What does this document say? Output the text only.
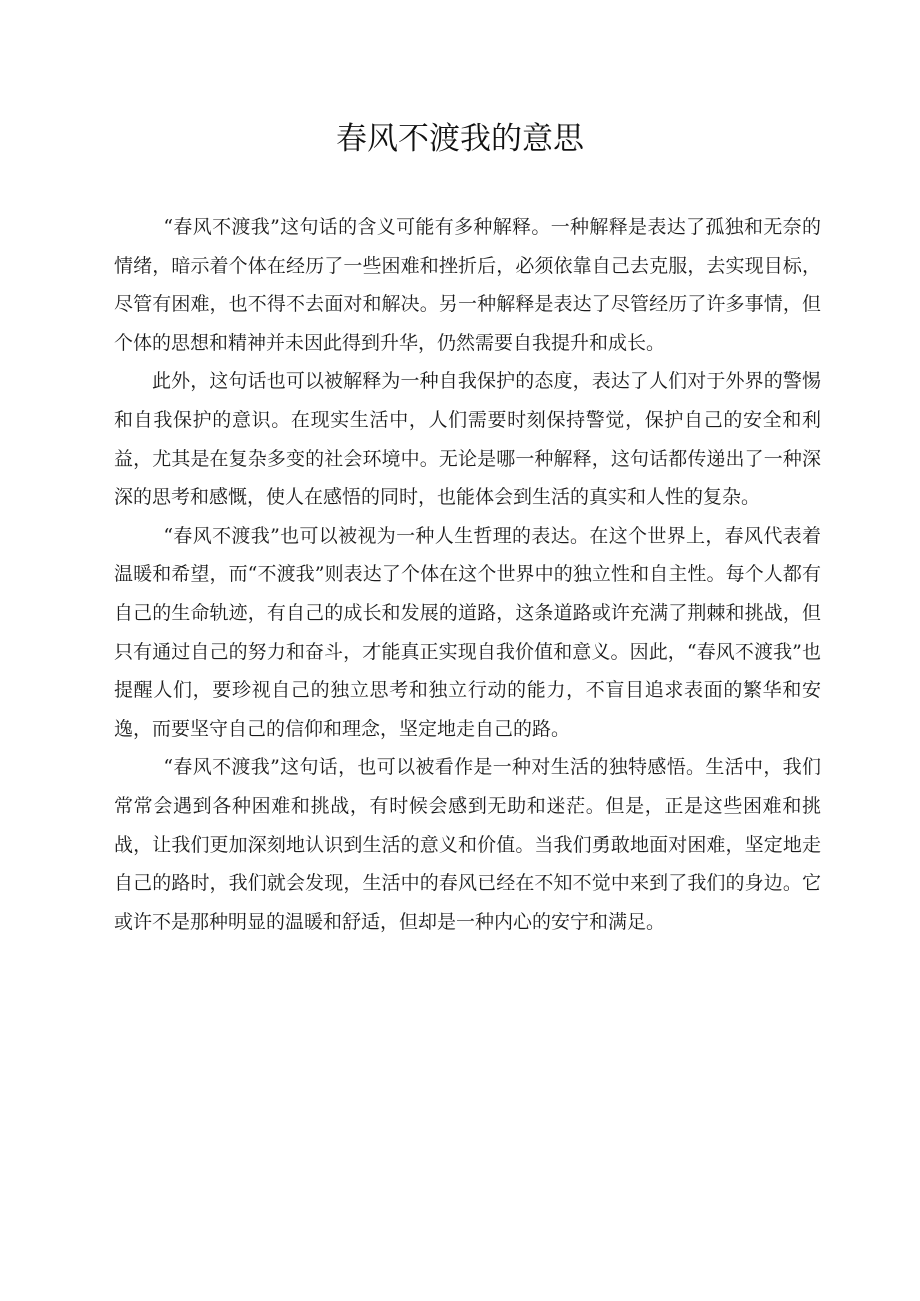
春风不渡我的意思

“春风不渡我”这句话的含义可能有多种解释。一种解释是表达了孤独和无奈的情绪，暗示着个体在经历了一些困难和挫折后，必须依靠自己去克服，去实现目标，尽管有困难，也不得不去面对和解决。另一种解释是表达了尽管经历了许多事情，但个体的思想和精神并未因此得到升华，仍然需要自我提升和成长。

此外，这句话也可以被解释为一种自我保护的态度，表达了人们对于外界的警惕和自我保护的意识。在现实生活中，人们需要时刻保持警觉，保护自己的安全和利益，尤其是在复杂多变的社会环境中。无论是哪一种解释，这句话都传递出了一种深深的思考和感慨，使人在感悟的同时，也能体会到生活的真实和人性的复杂。

“春风不渡我”也可以被视为一种人生哲理的表达。在这个世界上，春风代表着温暖和希望，而“不渡我”则表达了个体在这个世界中的独立性和自主性。每个人都有自己的生命轨迹，有自己的成长和发展的道路，这条道路或许充满了荆棘和挑战，但只有通过自己的努力和奋斗，才能真正实现自我价值和意义。因此，“春风不渡我”也提醒人们，要珍视自己的独立思考和独立行动的能力，不盲目追求表面的繁华和安逸，而要坚守自己的信仰和理念，坚定地走自己的路。

“春风不渡我”这句话，也可以被看作是一种对生活的独特感悟。生活中，我们常常会遇到各种困难和挑战，有时候会感到无助和迷茫。但是，正是这些困难和挑战，让我们更加深刻地认识到生活的意义和价值。当我们勇敢地面对困难，坚定地走自己的路时，我们就会发现，生活中的春风已经在不知不觉中来到了我们的身边。它或许不是那种明显的温暖和舒适，但却是一种内心的安宁和满足。
